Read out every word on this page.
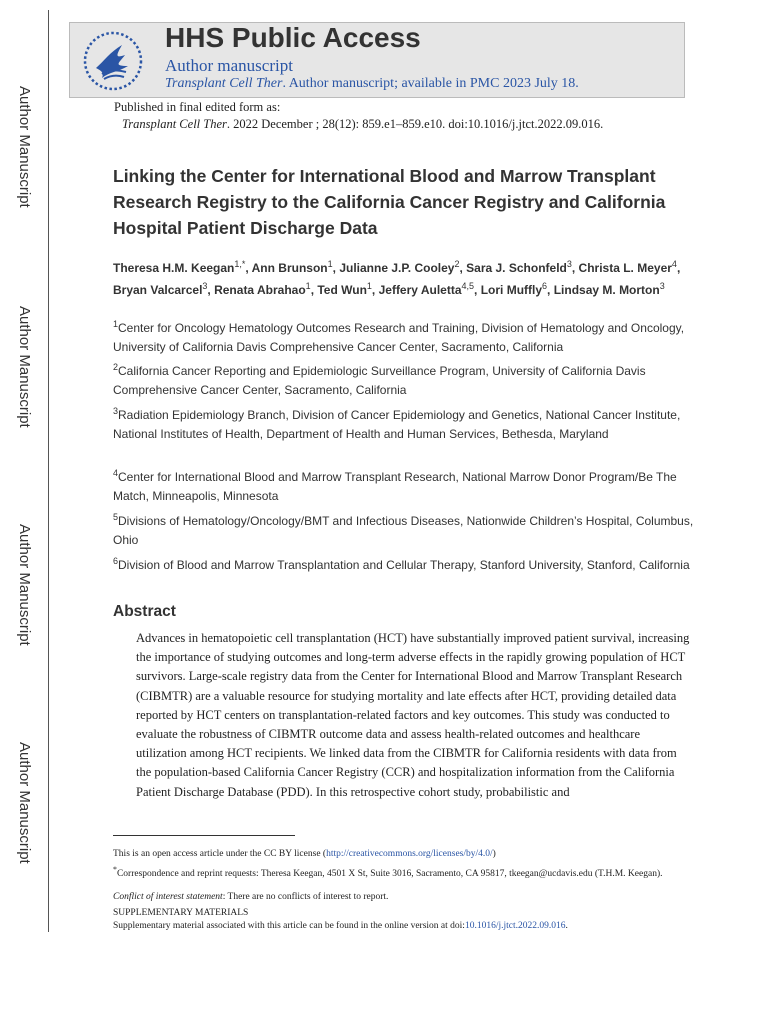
Author Manuscript
Author Manuscript
Author Manuscript
Author Manuscript
HHS Public Access
Author manuscript
Transplant Cell Ther. Author manuscript; available in PMC 2023 July 18.
Published in final edited form as:
Transplant Cell Ther. 2022 December ; 28(12): 859.e1–859.e10. doi:10.1016/j.jtct.2022.09.016.
Linking the Center for International Blood and Marrow Transplant Research Registry to the California Cancer Registry and California Hospital Patient Discharge Data
Theresa H.M. Keegan$^{1,*}$, Ann Brunson$^1$, Julianne J.P. Cooley$^2$, Sara J. Schonfeld$^3$, Christa L. Meyer$^4$, Bryan Valcarcel$^3$, Renata Abrahao$^1$, Ted Wun$^1$, Jeffery Auletta$^{4,5}$, Lori Muffly$^6$, Lindsay M. Morton$^3$

$^1$Center for Oncology Hematology Outcomes Research and Training, Division of Hematology and Oncology, University of California Davis Comprehensive Cancer Center, Sacramento, California

$^2$California Cancer Reporting and Epidemiologic Surveillance Program, University of California Davis Comprehensive Cancer Center, Sacramento, California

$^3$Radiation Epidemiology Branch, Division of Cancer Epidemiology and Genetics, National Cancer Institute, National Institutes of Health, Department of Health and Human Services, Bethesda, Maryland

$^4$Center for International Blood and Marrow Transplant Research, National Marrow Donor Program/Be The Match, Minneapolis, Minnesota

$^5$Divisions of Hematology/Oncology/BMT and Infectious Diseases, Nationwide Children’s Hospital, Columbus, Ohio

$^6$Division of Blood and Marrow Transplantation and Cellular Therapy, Stanford University, Stanford, California

Abstract

Advances in hematopoietic cell transplantation (HCT) have substantially improved patient survival, increasing the importance of studying outcomes and long-term adverse effects in the rapidly growing population of HCT survivors. Large-scale registry data from the Center for International Blood and Marrow Transplant Research (CIBMTR) are a valuable resource for studying mortality and late effects after HCT, providing detailed data reported by HCT centers on transplantation-related factors and key outcomes. This study was conducted to evaluate the robustness of CIBMTR outcome data and assess health-related outcomes and healthcare utilization among HCT recipients. We linked data from the CIBMTR for California residents with data from the population-based California Cancer Registry (CCR) and hospitalization information from the California Patient Discharge Database (PDD). In this retrospective cohort study, probabilistic and

This is an open access article under the CC BY license (http://creativecommons.org/licenses/by/4.0/)

*Correspondence and reprint requests: Theresa Keegan, 4501 X St, Suite 3016, Sacramento, CA 95817, tkeegan@ucdavis.edu (T.H.M. Keegan).

Conflict of interest statement: There are no conflicts of interest to report.

SUPPLEMENTARY MATERIALS

Supplementary material associated with this article can be found in the online version at doi:10.1016/j.jtct.2022.09.016.
